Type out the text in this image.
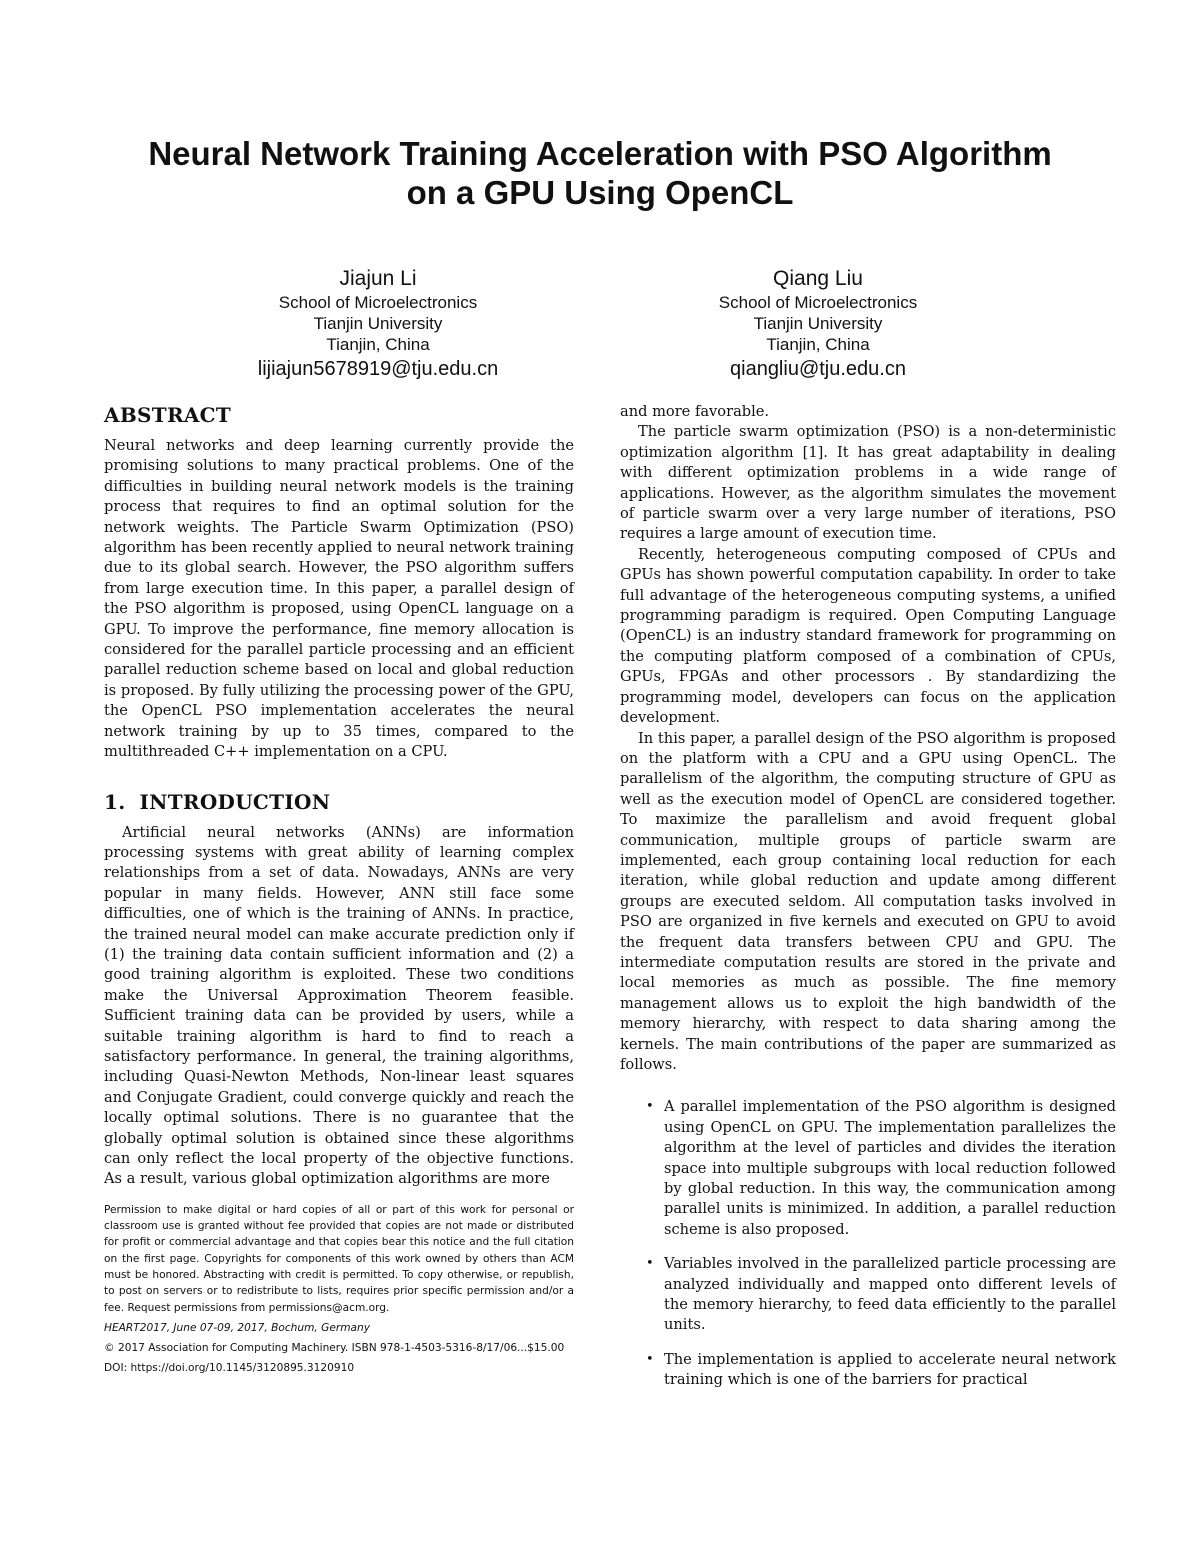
Neural Network Training Acceleration with PSO Algorithm
on a GPU Using OpenCL
Jiajun Li
School of Microelectronics
Tianjin University
Tianjin, China
lijiajun5678919@tju.edu.cn
Qiang Liu
School of Microelectronics
Tianjin University
Tianjin, China
qiangliu@tju.edu.cn
ABSTRACT

Neural networks and deep learning currently provide the promising solutions to many practical problems. One of the difficulties in building neural network models is the training process that requires to find an optimal solution for the network weights. The Particle Swarm Optimization (PSO) algorithm has been recently applied to neural network training due to its global search. However, the PSO algorithm suffers from large execution time. In this paper, a parallel design of the PSO algorithm is proposed, using OpenCL language on a GPU. To improve the performance, fine memory allocation is considered for the parallel particle processing and an efficient parallel reduction scheme based on local and global reduction is proposed. By fully utilizing the processing power of the GPU, the OpenCL PSO implementation accelerates the neural network training by up to 35 times, compared to the multithreaded C++ implementation on a CPU.

1. INTRODUCTION

Artificial neural networks (ANNs) are information processing systems with great ability of learning complex relationships from a set of data. Nowadays, ANNs are very popular in many fields. However, ANN still face some difficulties, one of which is the training of ANNs. In practice, the trained neural model can make accurate prediction only if (1) the training data contain sufficient information and (2) a good training algorithm is exploited. These two conditions make the Universal Approximation Theorem feasible. Sufficient training data can be provided by users, while a suitable training algorithm is hard to find to reach a satisfactory performance. In general, the training algorithms, including Quasi-Newton Methods, Non-linear least squares and Conjugate Gradient, could converge quickly and reach the locally optimal solutions. There is no guarantee that the globally optimal solution is obtained since these algorithms can only reflect the local property of the objective functions. As a result, various global optimization algorithms are more

Permission to make digital or hard copies of all or part of this work for personal or classroom use is granted without fee provided that copies are not made or distributed for profit or commercial advantage and that copies bear this notice and the full citation on the first page. Copyrights for components of this work owned by others than ACM must be honored. Abstracting with credit is permitted. To copy otherwise, or republish, to post on servers or to redistribute to lists, requires prior specific permission and/or a fee. Request permissions from permissions@acm.org.

HEART2017, June 07-09, 2017, Bochum, Germany

© 2017 Association for Computing Machinery. ISBN 978-1-4503-5316-8/17/06...$15.00

DOI: https://doi.org/10.1145/3120895.3120910

and more favorable.

The particle swarm optimization (PSO) is a non-deterministic optimization algorithm [1]. It has great adaptability in dealing with different optimization problems in a wide range of applications. However, as the algorithm simulates the movement of particle swarm over a very large number of iterations, PSO requires a large amount of execution time.

Recently, heterogeneous computing composed of CPUs and GPUs has shown powerful computation capability. In order to take full advantage of the heterogeneous computing systems, a unified programming paradigm is required. Open Computing Language (OpenCL) is an industry standard framework for programming on the computing platform composed of a combination of CPUs, GPUs, FPGAs and other processors . By standardizing the programming model, developers can focus on the application development.

In this paper, a parallel design of the PSO algorithm is proposed on the platform with a CPU and a GPU using OpenCL. The parallelism of the algorithm, the computing structure of GPU as well as the execution model of OpenCL are considered together. To maximize the parallelism and avoid frequent global communication, multiple groups of particle swarm are implemented, each group containing local reduction for each iteration, while global reduction and update among different groups are executed seldom. All computation tasks involved in PSO are organized in five kernels and executed on GPU to avoid the frequent data transfers between CPU and GPU. The intermediate computation results are stored in the private and local memories as much as possible. The fine memory management allows us to exploit the high bandwidth of the memory hierarchy, with respect to data sharing among the kernels. The main contributions of the paper are summarized as follows.

• A parallel implementation of the PSO algorithm is designed using OpenCL on GPU. The implementation parallelizes the algorithm at the level of particles and divides the iteration space into multiple subgroups with local reduction followed by global reduction. In this way, the communication among parallel units is minimized. In addition, a parallel reduction scheme is also proposed.
• Variables involved in the parallelized particle processing are analyzed individually and mapped onto different levels of the memory hierarchy, to feed data efficiently to the parallel units.
• The implementation is applied to accelerate neural network training which is one of the barriers for practical
